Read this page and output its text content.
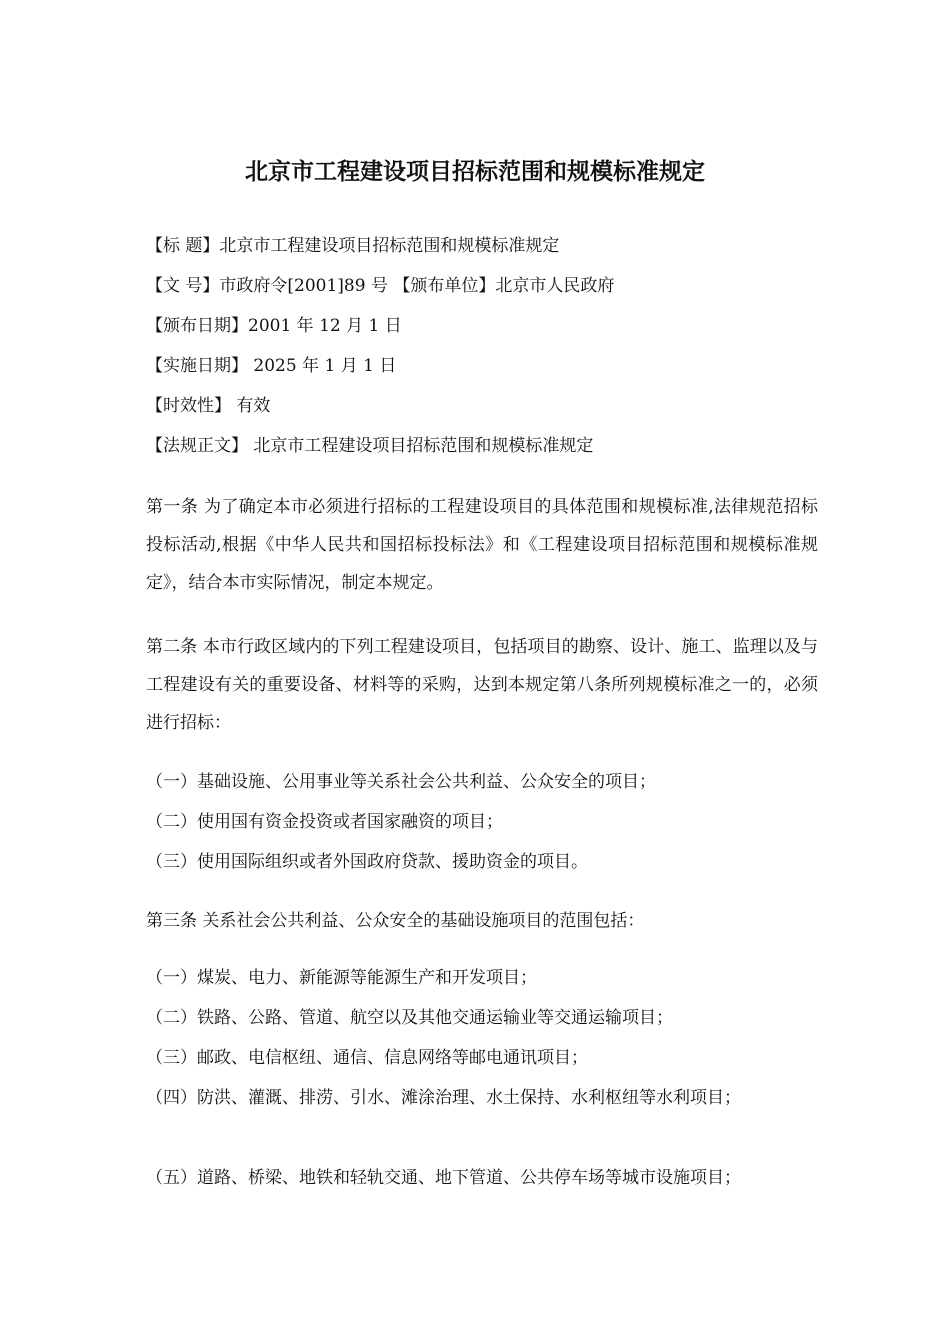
北京市工程建设项目招标范围和规模标准规定

【标 题】北京市工程建设项目招标范围和规模标准规定

【文 号】市政府令[2001]89 号 【颁布单位】北京市人民政府

【颁布日期】2001 年 12 月 1 日

【实施日期】 2025 年 1 月 1 日

【时效性】 有效

【法规正文】 北京市工程建设项目招标范围和规模标准规定

第一条 为了确定本市必须进行招标的工程建设项目的具体范围和规模标准,法律规范招标投标活动,根据《中华人民共和国招标投标法》和《工程建设项目招标范围和规模标准规定》，结合本市实际情况，制定本规定。

第二条 本市行政区域内的下列工程建设项目，包括项目的勘察、设计、施工、监理以及与工程建设有关的重要设备、材料等的采购，达到本规定第八条所列规模标准之一的，必须进行招标：

（一）基础设施、公用事业等关系社会公共利益、公众安全的项目；

（二）使用国有资金投资或者国家融资的项目；

（三）使用国际组织或者外国政府贷款、援助资金的项目。

第三条 关系社会公共利益、公众安全的基础设施项目的范围包括：

（一）煤炭、电力、新能源等能源生产和开发项目；

（二）铁路、公路、管道、航空以及其他交通运输业等交通运输项目；

（三）邮政、电信枢纽、通信、信息网络等邮电通讯项目；

（四）防洪、灌溉、排涝、引水、滩涂治理、水土保持、水利枢纽等水利项目；

（五）道路、桥梁、地铁和轻轨交通、地下管道、公共停车场等城市设施项目；
